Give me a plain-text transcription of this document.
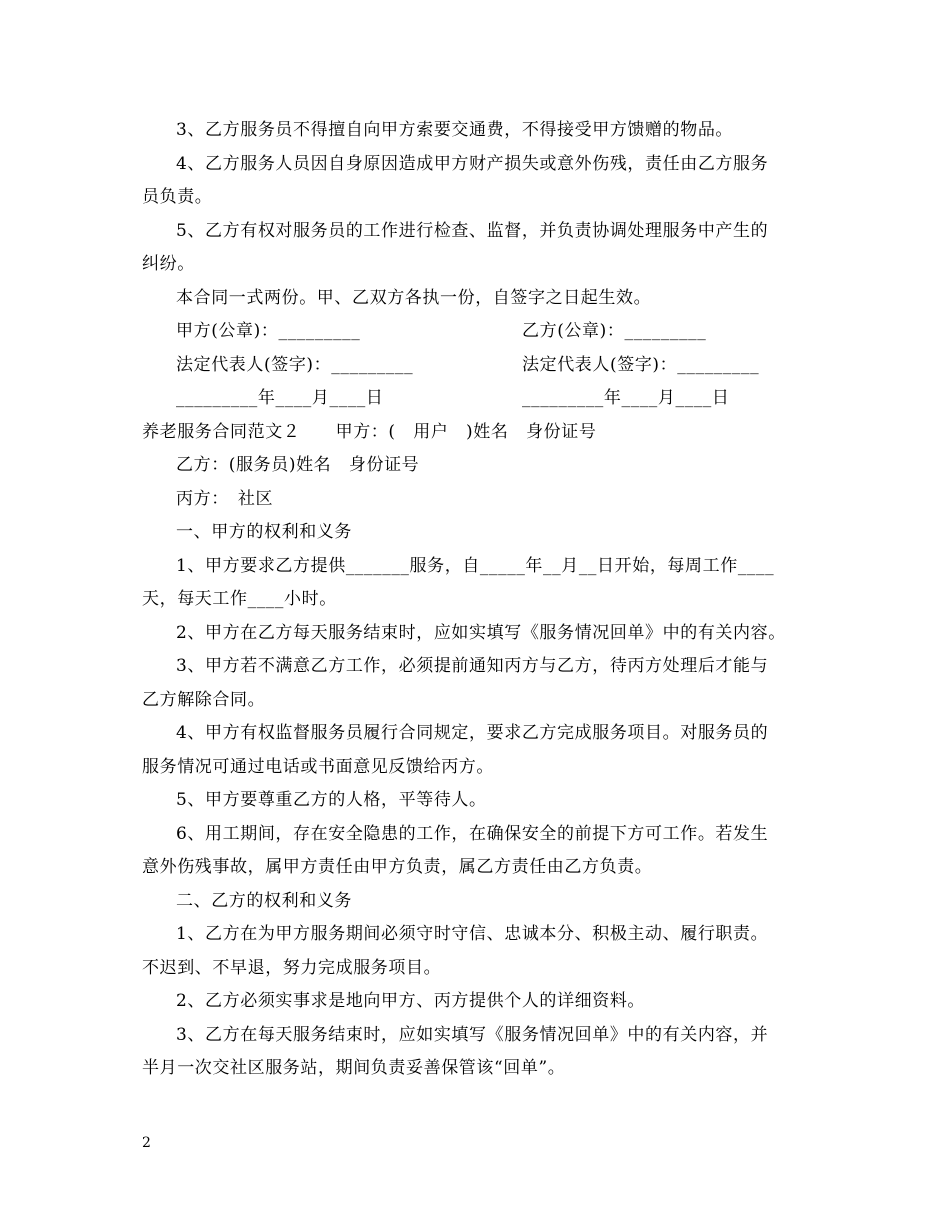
3、乙方服务员不得擅自向甲方索要交通费，不得接受甲方馈赠的物品。
4、乙方服务人员因自身原因造成甲方财产损失或意外伤残，责任由乙方服务
员负责。
5、乙方有权对服务员的工作进行检查、监督，并负责协调处理服务中产生的
纠纷。
本合同一式两份。甲、乙双方各执一份，自签字之日起生效。
甲方(公章)：_________	乙方(公章)：_________
法定代表人(签字)：_________	法定代表人(签字)：_________
_________年____月____日	_________年____月____日
养老服务合同范文２　　甲方：(　用户　)姓名　身份证号
乙方：(服务员)姓名　身份证号
丙方：　社区
一、甲方的权利和义务
1、甲方要求乙方提供_______服务，自_____年__月__日开始，每周工作____
天，每天工作____小时。
2、甲方在乙方每天服务结束时，应如实填写《服务情况回单》中的有关内容。
3、甲方若不满意乙方工作，必须提前通知丙方与乙方，待丙方处理后才能与
乙方解除合同。
4、甲方有权监督服务员履行合同规定，要求乙方完成服务项目。对服务员的
服务情况可通过电话或书面意见反馈给丙方。
5、甲方要尊重乙方的人格，平等待人。
6、用工期间，存在安全隐患的工作，在确保安全的前提下方可工作。若发生
意外伤残事故，属甲方责任由甲方负责，属乙方责任由乙方负责。
二、乙方的权利和义务
1、乙方在为甲方服务期间必须守时守信、忠诚本分、积极主动、履行职责。
不迟到、不早退，努力完成服务项目。
2、乙方必须实事求是地向甲方、丙方提供个人的详细资料。
3、乙方在每天服务结束时，应如实填写《服务情况回单》中的有关内容，并
半月一次交社区服务站，期间负责妥善保管该“回单”。
2
